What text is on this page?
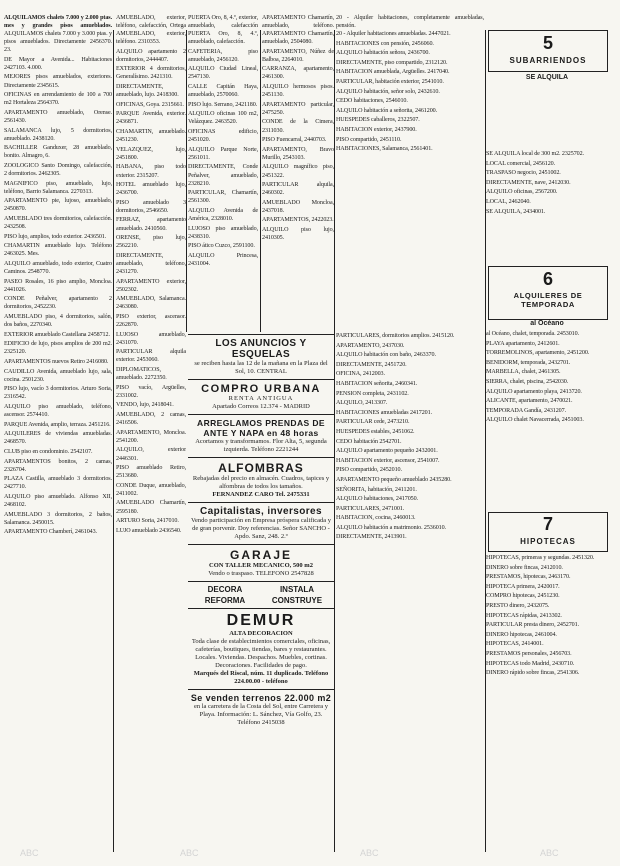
ALQUILAMOS chalets 7.000 y 2.000 ptas. mes y grandes pisos amueblados.

AMUEBLADO, exterior, teléfono, calefacción, Ortega

PUERTA Oro, 8, 4.º, exterior, amueblado, calefacción

APARTAMENTO Chamartín, amueblado, teléfono.

20 - Alquiler habitaciones, completamente amuebladas, pensión.

ALQUILAMOS chalets 7.000 y 3.000 ptas. y pisos amueblados. Directamente 2456370. 23.

DE Mayor a Avenida... Habitaciones 2427103. 4.000.

MEJORES pisos amueblados, exteriores. Directamente 2345615.

OFICINAS en arrendamiento de 100 a 700 m2 Hortaleza 2564370.

APARTAMENTO amueblado, Orense. 2561430.

SALAMANCA lujo, 5 dormitorios, amueblado. 2438120.

BACHILLER Ganduxer, 28 amueblado, bonito. Almagro, 6.

ZOOLOGICO Santo Domingo, calefacción, 2 dormitorios. 2462305.

MAGNIFICO piso, amueblado, lujo, teléfono, Barrio Salamanca. 2270313.

APARTAMENTO pie, lujoso, amueblado, 2450870.

AMUEBLADO tres dormitorios, calefacción. 2432508.

PISO lujo, amplios, todo exterior. 2436501.

CHAMARTIN amueblado lujo. Teléfono 2463025. Mes.

ALQUILO amueblado, todo exterior, Cuatro Caminos. 2548770.

PASEO Rosales, 16 piso amplio, Moncloa. 2441026.

CONDE Peñalver, apartamento 2 dormitorios, 2452230.

AMUEBLADO piso, 4 dormitorios, salón, dos baños, 2270340.

EXTERIOR amueblado Castellana 2458712.

EDIFICIO de lujo, pisos amplios de 200 m2. 2325120.

APARTAMENTOS nuevos Retiro 2416080.

CAUDILLO Avenida, amueblado lujo, sala, cocina. 2501230.

PISO lujo, vacío 3 dormitorios. Arturo Soria, 2316542.

ALQUILO piso amueblado, teléfono, ascensor. 2574410.

PARQUE Avenida, amplio, terraza. 2451216.

ALQUILERES de viviendas amuebladas. 2468570.

CLUB piso en condominio. 2542107.

APARTAMENTOS bonitos, 2 camas, 2326704.

PLAZA Castilla, amueblado 3 dormitorios. 2427710.

ALQUILO piso amueblado. Alfonso XII, 2468102.

AMUEBLADO 3 dormitorios, 2 baños, Salamanca. 2450015.

APARTAMENTO Chamberí, 2461043.

AMUEBLADO, exterior, teléfono. 2310353.

ALQUILO apartamento 2 dormitorios, 2444407.

EXTERIOR 4 dormitorios, Generalísimo. 2421310.

DIRECTAMENTE, amueblado, lujo. 2418300.

OFICINAS, Goya. 2315661.

PARQUE Avenida, exterior. 2436871.

CHAMARTIN, amueblado. 2451230.

VELAZQUEZ, lujo, 2451800.

HABANA, piso todo exterior. 2315207.

HOTEL amueblado lujo, 2436700.

PISO amueblado 3 dormitorios, 2546650.

FERRAZ, apartamento amueblado. 2410560.

ORENSE, piso lujo, 2562210.

DIRECTAMENTE, amueblado, teléfono, 2431270.

APARTAMENTO exterior, 2502302.

AMUEBLADO, Salamanca. 2463080.

PISO exterior, ascensor. 2262870.

LUJOSO amueblado, 2431070.

PARTICULAR alquila exterior. 2453060.

DIPLOMATICOS, amueblado. 2272350.

PISO vacío, Argüelles, 2331002.

VENDO, lujo, 2418041.

AMUEBLADO, 2 camas, 2416506.

APARTAMENTO, Moncloa. 2541200.

ALQUILO, exterior 2446301.

PISO amueblado Retiro, 2513680.

CONDE Duque, amueblado, 2411002.

AMUEBLADO Chamartín, 2595180.

ARTURO Soria, 2417010.

LUJO amueblado 2436540.

PUERTA Oro, 8, 4.º, amueblado, calefacción.

CAFETERIA, piso amueblado, 2456120.

ALQUILO Ciudad Lineal, 2547130.

CALLE Capitán Haya, amueblado, 2570060.

PISO lujo. Serrano, 2421180.

ALQUILO oficinas 100 m2, Velázquez. 2463520.

OFICINAS edificio, 2451020.

ALQUILO Parque Norte, 2561011.

DIRECTAMENTE, Conde Peñalver, amueblado, 2328210.

PARTICULAR, Chamartín, 2561300.

ALQUILO Avenida de América, 2328010.

LUJOSO piso amueblado, 2438310.

PISO ático Cuzco, 2591100.

ALQUILO Princesa, 2431004.

APARTAMENTO Chamartín, amueblado, 2504080.

APARTAMENTO, Núñez de Balboa, 2264010.

CARRANZA, apartamento, 2461300.

ALQUILO hermosos pisos. 2451130.

APARTAMENTO particular, 2475250.

CONDE de la Cimera, 2311030.

PISO Fuencarral, 2440703.

APARTAMENTO, Bravo Murillo, 2543103.

ALQUILO magnífico piso, 2451322.

PARTICULAR alquila, 2460302.

AMUEBLADO Moncloa, 2437018.

APARTAMENTOS, 2422023.

ALQUILO piso lujo, 2410305.

20 - Alquiler habitaciones amuebladas. 2447021.

HABITACIONES con pensión, 2456060.

ALQUILO habitación señora, 2436700.

DIRECTAMENTE, piso compartido, 2312120.

HABITACION amueblada, Argüelles. 2417040.

PARTICULAR, habitación exterior, 2541010.

ALQUILO habitación, señor solo, 2432610.

CEDO habitaciones, 2546010.

ALQUILO habitación a señorita, 2461200.

HUESPEDES caballeros, 2322507.

HABITACION exterior, 2437900.

PISO compartido, 2451110.

HABITACIONES, Salamanca, 2561401.

PARTICULARES, dormitorios amplios. 2415120.

APARTAMENTO, 2437030.

ALQUILO habitación con baño, 2463370.

DIRECTAMENTE, 2451720.

OFICINA, 2412003.

HABITACION señorita, 2460341.

PENSION completa, 2431102.

ALQUILO, 2413307.

HABITACIONES amuebladas 2417201.

PARTICULAR cede, 2473210.

HUESPEDES estables, 2451062.

CEDO habitación 2542701.

ALQUILO apartamento pequeño 2432001.

HABITACION exterior, ascensor, 2541007.

PISO compartido, 2452010.

APARTAMENTO pequeño amueblado 2435280.

SEÑORITA, habitación, 2411201.

ALQUILO habitaciones, 2417050.

PARTICULARES, 2471001.

HABITACION, cocina, 2460013.

ALQUILO habitación a matrimonio. 2536010.

DIRECTAMENTE, 2413901.

SE ALQUILA local de 300 m2. 2325702.

LOCAL comercial, 2456120.

TRASPASO negocio, 2451002.

DIRECTAMENTE, nave, 2412030.

ALQUILO oficinas, 2567200.

LOCAL, 2462040.

SE ALQUILA, 2434001.

al Océano, chalet, temporada. 2453010.

PLAYA apartamento, 2412601.

TORREMOLINOS, apartamento, 2451200.

BENIDORM, temporada, 2432701.

MARBELLA, chalet, 2461305.

SIERRA, chalet, piscina, 2542030.

ALQUILO apartamento playa, 2413720.

ALICANTE, apartamento, 2470021.

TEMPORADA Gandía, 2431207.

ALQUILO chalet Navacerrada, 2451003.

HIPOTECAS, primeras y segundas. 2451320.

DINERO sobre fincas, 2412010.

PRESTAMOS, hipotecas, 2463170.

HIPOTECA primera, 2420017.

COMPRO hipotecas, 2451230.

PRESTO dinero, 2432075.

HIPOTECAS rápidas, 2413302.

PARTICULAR presta dinero, 2452701.

DINERO hipotecas, 2461004.

HIPOTECAS, 2414001.

PRESTAMOS personales, 2456703.

HIPOTECAS todo Madrid, 2430710.

DINERO rápido sobre fincas, 2541306.

5
SUBARRIENDOS
SE ALQUILA
6
ALQUILERES DE TEMPORADA
al Océano
7
HIPOTECAS
LOS ANUNCIOS Y ESQUELAS
se reciben hasta las 12 de la mañana en la Plaza del Sol, 10. CENTRAL
COMPRO URBANA
RENTA ANTIGUA
Apartado Correos 12.374 - MADRID
ARREGLAMOS PRENDAS DE ANTE Y NAPA en 48 horas
Acortamos y transformamos. Flor Alta, 5, segunda izquierda. Teléfono 2221244
ALFOMBRAS
Rebajadas del precio en almacén. Cuadros, tapices y alfombras de todos los tamaños.
FERNANDEZ CARO Tel. 2475331
Capitalistas, inversores
Vendo participación en Empresa próspera calificada y de gran porvenir. Doy referencias. Señor SANCHO - Apdo. Sanz, 248. 2.º
GARAJE
CON TALLER MECANICO, 500 m2
Vendo o traspaso. TELEFONO 2547828
DECORA	INSTALA
REFORMA	CONSTRUYE
DEMUR
ALTA DECORACION
Toda clase de establecimientos comerciales, oficinas, cafeterías, boutiques, tiendas, bares y restaurantes. Locales. Viviendas. Despachos. Muebles, cortinas. Decoraciones. Facilidades de pago.
Marqués del Riscal, núm. 11 duplicado. Teléfono 224.00.00 - teléfono
Se venden terrenos 22.000 m2
en la carretera de la Costa del Sol, entre Carretera y Playa. Información: L. Sánchez, Vía Golfo, 23. Teléfono 2415038
ABC	ABC	ABC	ABC
